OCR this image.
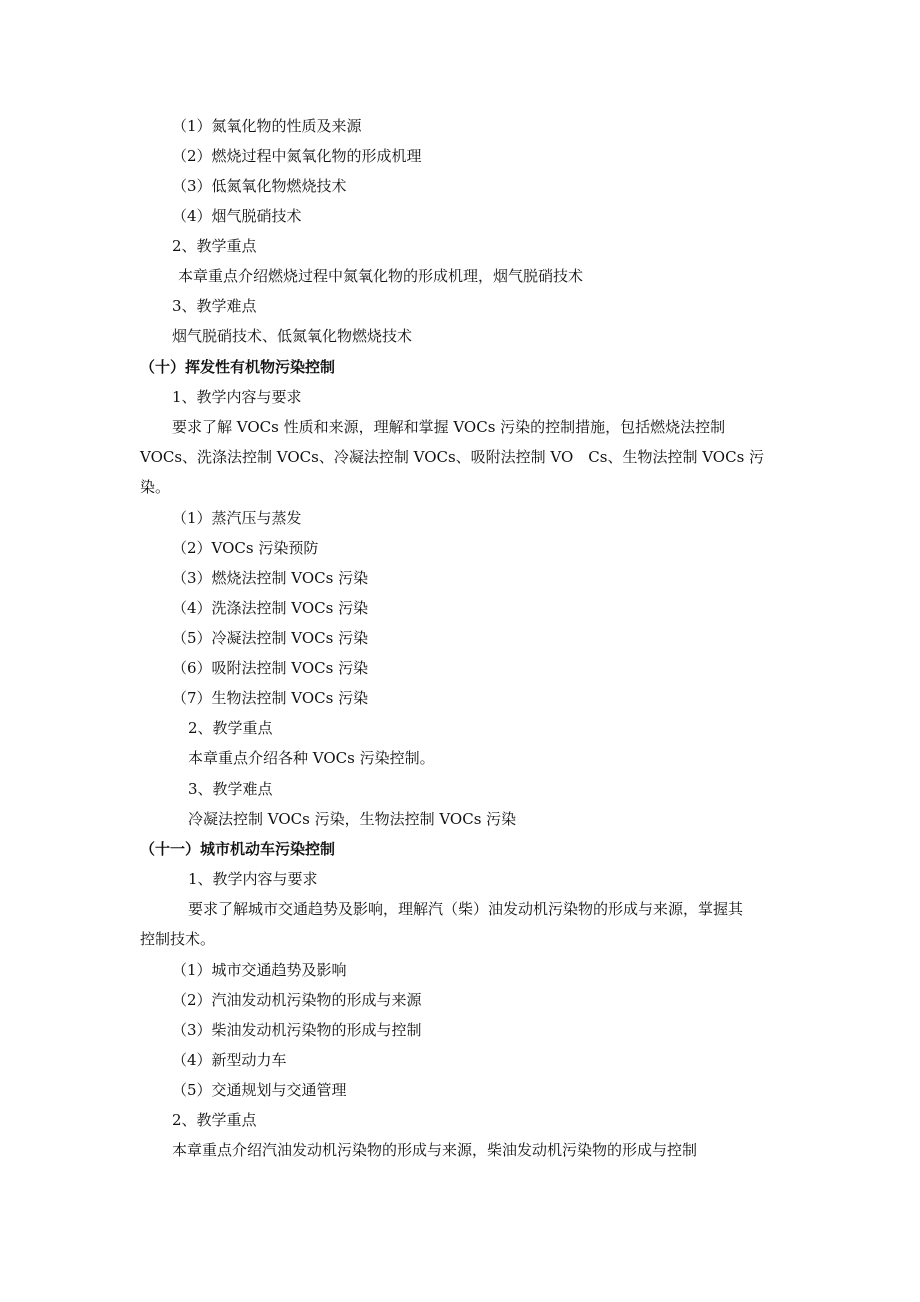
（1）氮氧化物的性质及来源
（2）燃烧过程中氮氧化物的形成机理
（3）低氮氧化物燃烧技术
（4）烟气脱硝技术
2、教学重点
本章重点介绍燃烧过程中氮氧化物的形成机理，烟气脱硝技术
3、教学难点
烟气脱硝技术、低氮氧化物燃烧技术
（十）挥发性有机物污染控制
1、教学内容与要求
要求了解 VOCs 性质和来源，理解和掌握 VOCs 污染的控制措施，包括燃烧法控制
VOCs、洗涤法控制 VOCs、冷凝法控制 VOCs、吸附法控制 VO　Cs、生物法控制 VOCs 污
染。
（1）蒸汽压与蒸发
（2）VOCs 污染预防
（3）燃烧法控制 VOCs 污染
（4）洗涤法控制 VOCs 污染
（5）冷凝法控制 VOCs 污染
（6）吸附法控制 VOCs 污染
（7）生物法控制 VOCs 污染
2、教学重点
本章重点介绍各种 VOCs 污染控制。
3、教学难点
冷凝法控制 VOCs 污染，生物法控制 VOCs 污染
（十一）城市机动车污染控制
1、教学内容与要求
要求了解城市交通趋势及影响，理解汽（柴）油发动机污染物的形成与来源，掌握其
控制技术。
（1）城市交通趋势及影响
（2）汽油发动机污染物的形成与来源
（3）柴油发动机污染物的形成与控制
（4）新型动力车
（5）交通规划与交通管理
2、教学重点
本章重点介绍汽油发动机污染物的形成与来源，柴油发动机污染物的形成与控制
